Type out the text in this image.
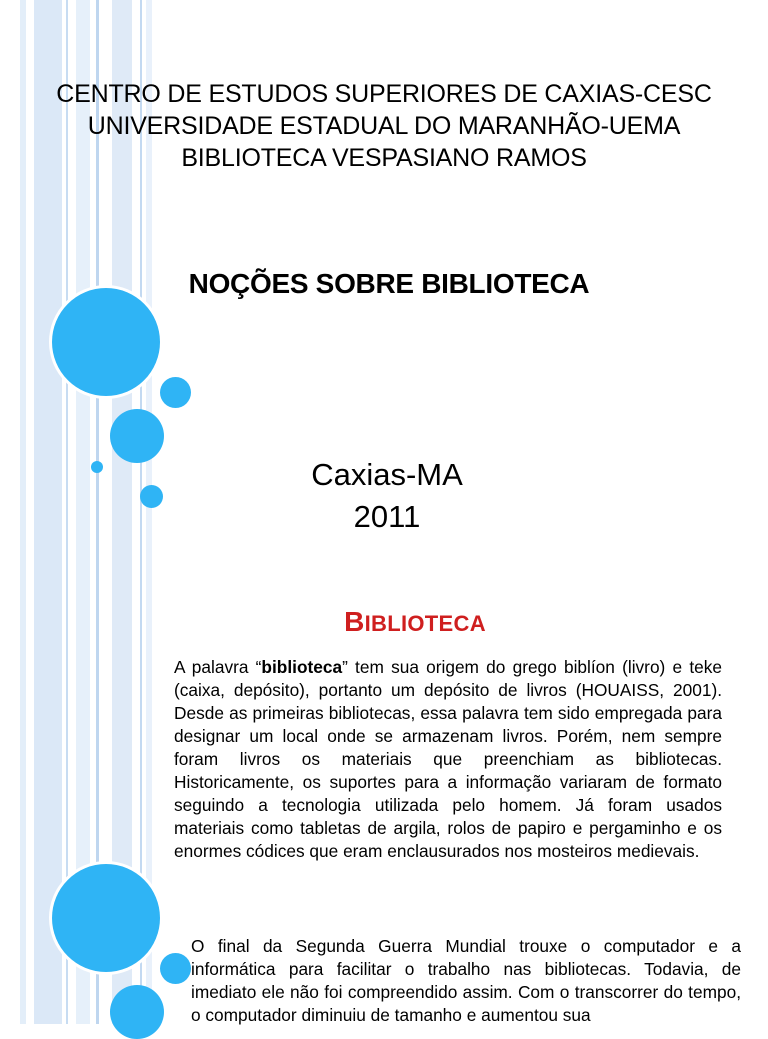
CENTRO DE ESTUDOS SUPERIORES DE CAXIAS-CESC
UNIVERSIDADE ESTADUAL DO MARANHÃO-UEMA
BIBLIOTECA VESPASIANO RAMOS
NOÇÕES SOBRE BIBLIOTECA
Caxias-MA
2011
BIBLIOTECA
A palavra “biblioteca” tem sua origem do grego biblíon (livro) e teke (caixa, depósito), portanto um depósito de livros (HOUAISS, 2001). Desde as primeiras bibliotecas, essa palavra tem sido empregada para designar um local onde se armazenam livros. Porém, nem sempre foram livros os materiais que preenchiam as bibliotecas. Historicamente, os suportes para a informação variaram de formato seguindo a tecnologia utilizada pelo homem. Já foram usados materiais como tabletas de argila, rolos de papiro e pergaminho e os enormes códices que eram enclausurados nos mosteiros medievais.
O final da Segunda Guerra Mundial trouxe o computador e a informática para facilitar o trabalho nas bibliotecas. Todavia, de imediato ele não foi compreendido assim. Com o transcorrer do tempo, o computador diminuiu de tamanho e aumentou sua
